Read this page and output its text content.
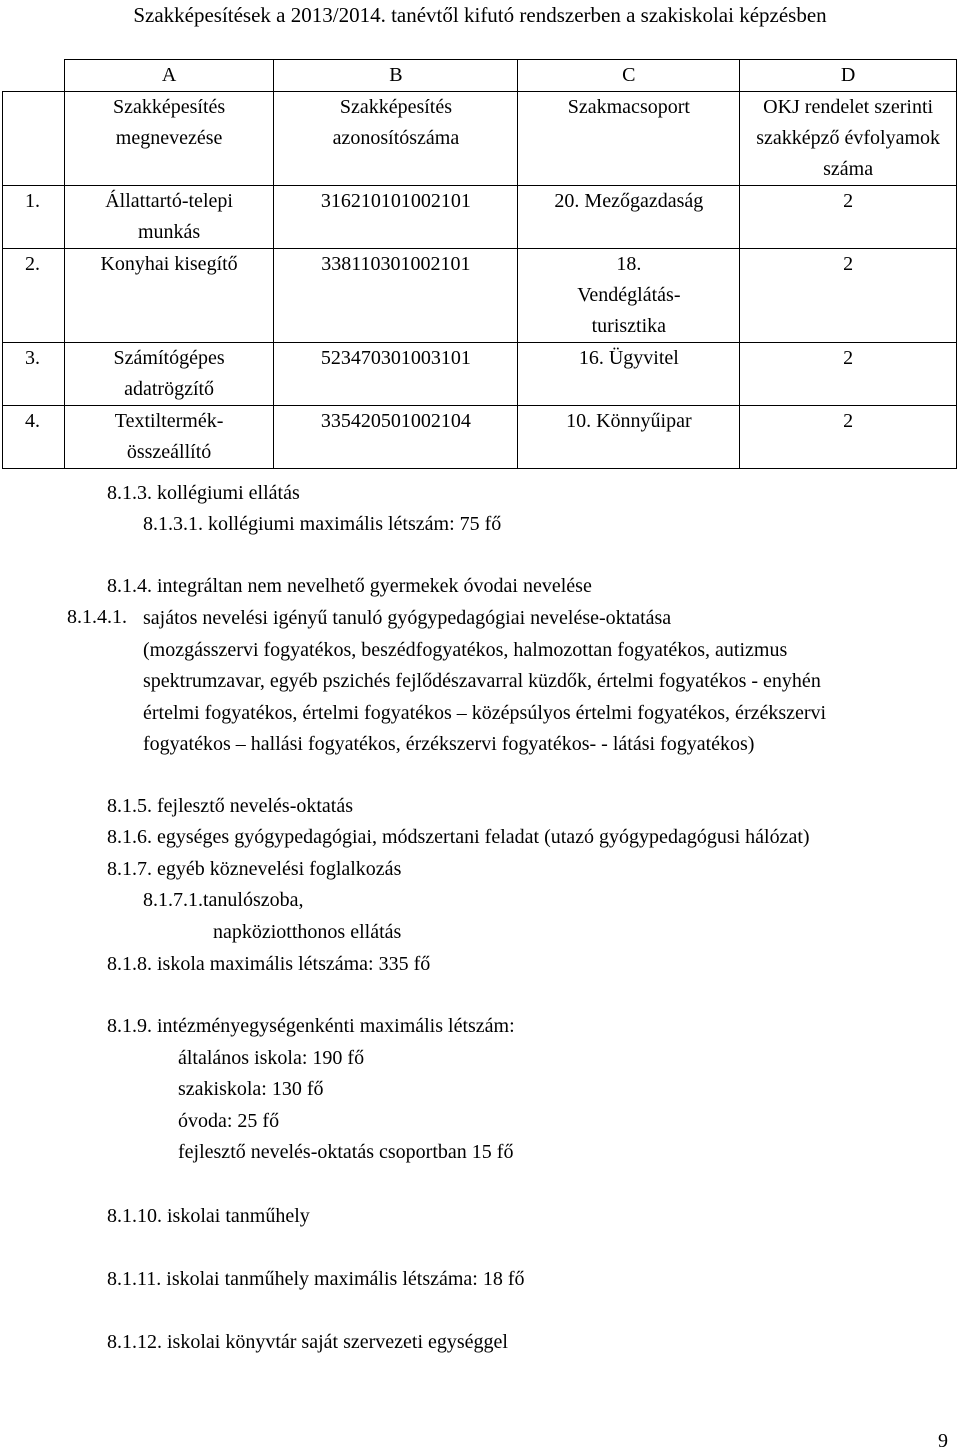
Szakképesítések a 2013/2014. tanévtől kifutó rendszerben a szakiskolai képzésben
	A	B	C	D
	Szakképesítés megnevezése	Szakképesítés azonosítószáma	Szakmacsoport	OKJ rendelet szerinti szakképző évfolyamok száma
1.	Állattartó-telepi munkás	316210101002101	20. Mezőgazdaság	2
2.	Konyhai kisegítő	338110301002101	18. Vendéglátás-turisztika	2
3.	Számítógépes adatrögzítő	523470301003101	16. Ügyvitel	2
4.	Textiltermék-összeállító	335420501002104	10. Könnyűipar	2
8.1.3. kollégiumi ellátás
8.1.3.1. kollégiumi maximális létszám: 75 fő
8.1.4. integráltan nem nevelhető gyermekek óvodai nevelése
8.1.4.1. sajátos nevelési igényű tanuló gyógypedagógiai nevelése-oktatása
(mozgásszervi fogyatékos, beszédfogyatékos, halmozottan fogyatékos, autizmus
spektrumzavar, egyéb pszichés fejlődészavarral küzdők, értelmi fogyatékos - enyhén
értelmi fogyatékos, értelmi fogyatékos – középsúlyos értelmi fogyatékos, érzékszervi
fogyatékos – hallási fogyatékos, érzékszervi fogyatékos- - látási fogyatékos)
8.1.5. fejlesztő nevelés-oktatás
8.1.6. egységes gyógypedagógiai, módszertani feladat (utazó gyógypedagógusi hálózat)
8.1.7. egyéb köznevelési foglalkozás
8.1.7.1.tanulószoba,
napköziotthonos ellátás
8.1.8. iskola maximális létszáma: 335 fő
8.1.9. intézményegységenkénti maximális létszám:
általános iskola: 190 fő
szakiskola: 130 fő
óvoda: 25 fő
fejlesztő nevelés-oktatás csoportban 15 fő
8.1.10. iskolai tanműhely
8.1.11. iskolai tanműhely maximális létszáma: 18 fő
8.1.12. iskolai könyvtár saját szervezeti egységgel
9
